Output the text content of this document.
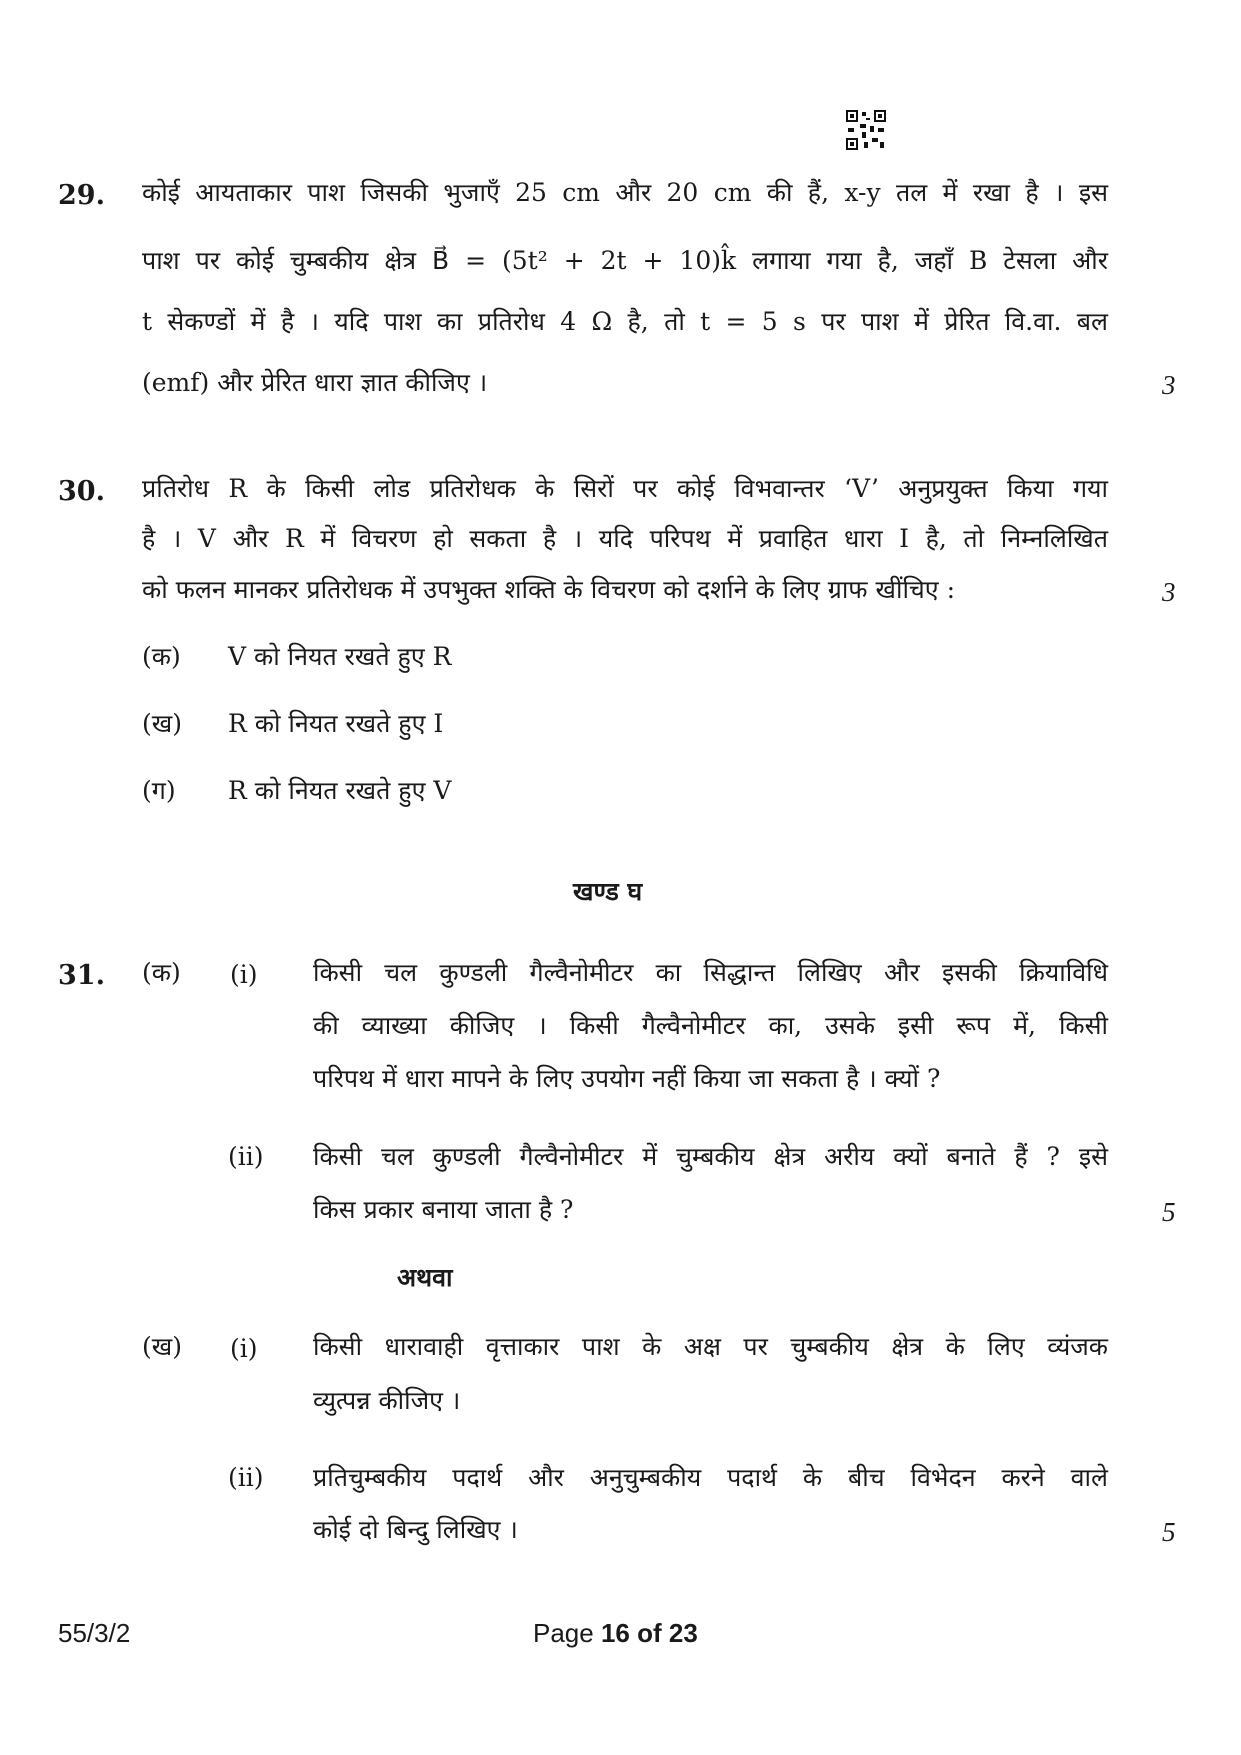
29. कोई आयताकार पाश जिसकी भुजाएँ 25 cm और 20 cm की हैं, x-y तल में रखा है । इस
पाश पर कोई चुम्बकीय क्षेत्र B⃗ = (5t² + 2t + 10)k̂ लगाया गया है, जहाँ B टेसला और
t सेकण्डों में है । यदि पाश का प्रतिरोध 4 Ω है, तो t = 5 s पर पाश में प्रेरित वि.वा. बल
(emf) और प्रेरित धारा ज्ञात कीजिए ।	3
30. प्रतिरोध R के किसी लोड प्रतिरोधक के सिरों पर कोई विभवान्तर ‘V’ अनुप्रयुक्त किया गया
है । V और R में विचरण हो सकता है । यदि परिपथ में प्रवाहित धारा I है, तो निम्नलिखित
को फलन मानकर प्रतिरोधक में उपभुक्त शक्ति के विचरण को दर्शाने के लिए ग्राफ खींचिए :	3
(क) V को नियत रखते हुए R
(ख) R को नियत रखते हुए I
(ग) R को नियत रखते हुए V
खण्ड घ
31. (क) (i) किसी चल कुण्डली गैल्वैनोमीटर का सिद्धान्त लिखिए और इसकी क्रियाविधि
की व्याख्या कीजिए । किसी गैल्वैनोमीटर का, उसके इसी रूप में, किसी
परिपथ में धारा मापने के लिए उपयोग नहीं किया जा सकता है । क्यों ?
(ii) किसी चल कुण्डली गैल्वैनोमीटर में चुम्बकीय क्षेत्र अरीय क्यों बनाते हैं ? इसे
किस प्रकार बनाया जाता है ?	5
अथवा
(ख) (i) किसी धारावाही वृत्ताकार पाश के अक्ष पर चुम्बकीय क्षेत्र के लिए व्यंजक
व्युत्पन्न कीजिए ।
(ii) प्रतिचुम्बकीय पदार्थ और अनुचुम्बकीय पदार्थ के बीच विभेदन करने वाले
कोई दो बिन्दु लिखिए ।	5
55/3/2	Page 16 of 23
